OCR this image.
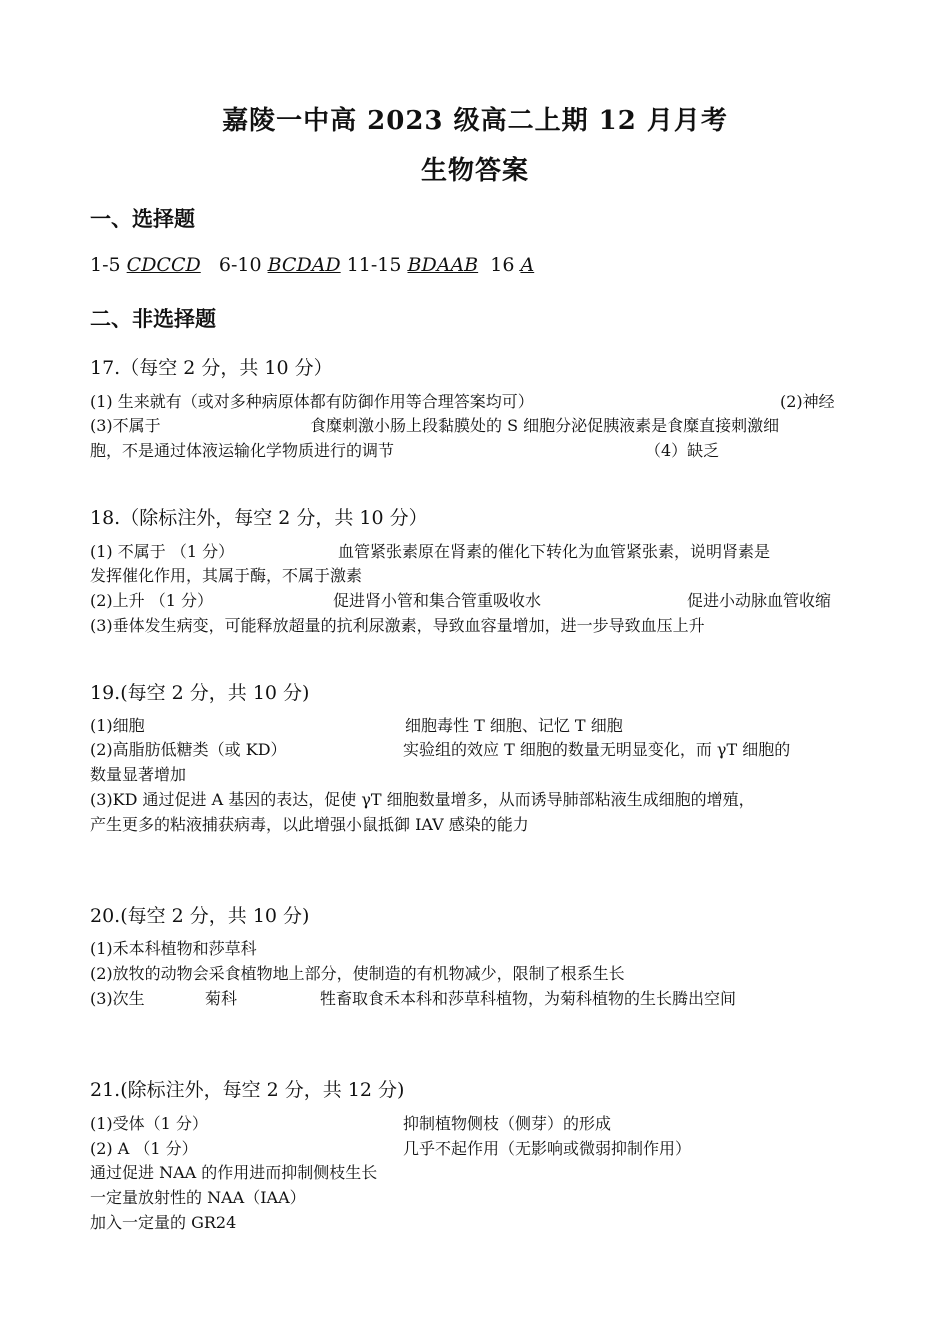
嘉陵一中高 2023 级高二上期 12 月月考
生物答案
一、选择题
1-5 CDCCD 6-10 BCDAD 11-15 BDAAB 16 A
二、非选择题
17.（每空 2 分，共 10 分）
(1) 生来就有（或对多种病原体都有防御作用等合理答案均可）	(2)神经
(3)不属于	食糜刺激小肠上段黏膜处的 S 细胞分泌促胰液素是食糜直接刺激细
胞，不是通过体液运输化学物质进行的调节	（4）缺乏
18.（除标注外，每空 2 分，共 10 分）
(1) 不属于 （1 分）	血管紧张素原在肾素的催化下转化为血管紧张素，说明肾素是
发挥催化作用，其属于酶，不属于激素
(2)上升 （1 分）	促进肾小管和集合管重吸收水	促进小动脉血管收缩
(3)垂体发生病变，可能释放超量的抗利尿激素，导致血容量增加，进一步导致血压上升
19.(每空 2 分，共 10 分)
(1)细胞	细胞毒性 T 细胞、记忆 T 细胞
(2)高脂肪低糖类（或 KD）	实验组的效应 T 细胞的数量无明显变化，而 γT 细胞的
数量显著增加
(3)KD 通过促进 A 基因的表达，促使 γT 细胞数量增多，从而诱导肺部粘液生成细胞的增殖，
产生更多的粘液捕获病毒，以此增强小鼠抵御 IAV 感染的能力
20.(每空 2 分，共 10 分)
(1)禾本科植物和莎草科
(2)放牧的动物会采食植物地上部分，使制造的有机物减少，限制了根系生长
(3)次生	菊科	牲畜取食禾本科和莎草科植物，为菊科植物的生长腾出空间
21.(除标注外，每空 2 分，共 12 分)
(1)受体（1 分）	抑制植物侧枝（侧芽）的形成
(2) A （1 分）	几乎不起作用（无影响或微弱抑制作用）
通过促进 NAA 的作用进而抑制侧枝生长
一定量放射性的 NAA（IAA）
加入一定量的 GR24
